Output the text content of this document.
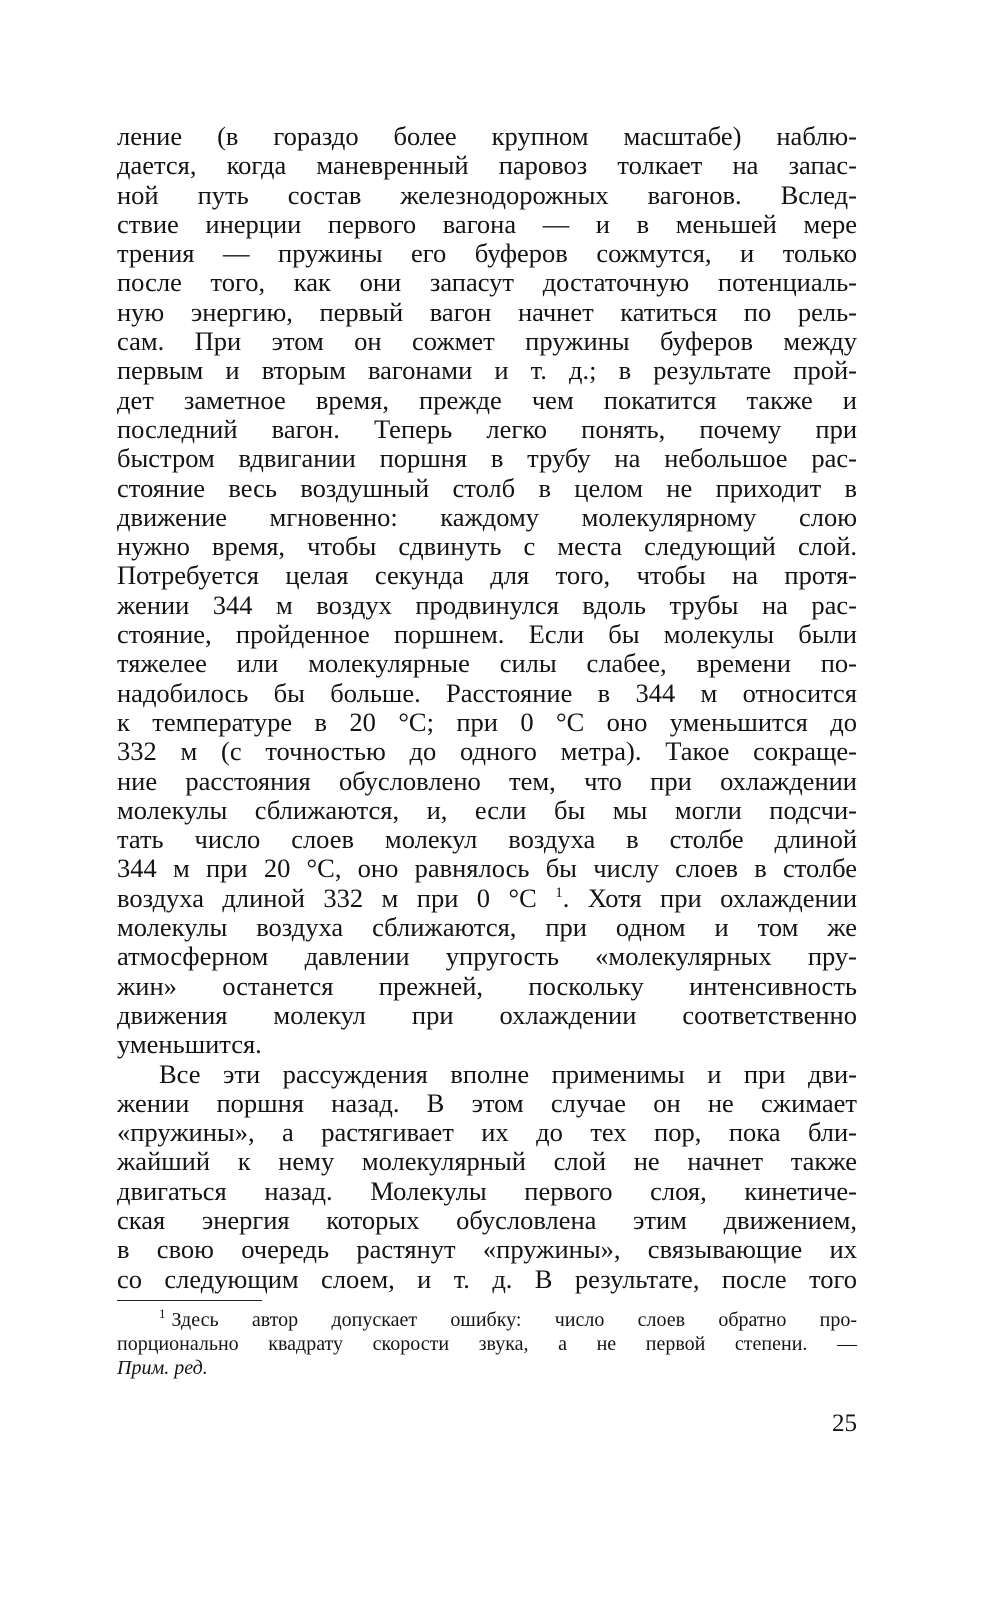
ление (в гораздо более крупном масштабе) наблю-
дается, когда маневренный паровоз толкает на запас-
ной путь состав железнодорожных вагонов. Вслед-
ствие инерции первого вагона — и в меньшей мере
трения — пружины его буферов сожмутся, и только
после того, как они запасут достаточную потенциаль-
ную энергию, первый вагон начнет катиться по рель-
сам. При этом он сожмет пружины буферов между
первым и вторым вагонами и т. д.; в результате прой-
дет заметное время, прежде чем покатится также и
последний вагон. Теперь легко понять, почему при
быстром вдвигании поршня в трубу на небольшое рас-
стояние весь воздушный столб в целом не приходит в
движение мгновенно: каждому молекулярному слою
нужно время, чтобы сдвинуть с места следующий слой.
Потребуется целая секунда для того, чтобы на протя-
жении 344 м воздух продвинулся вдоль трубы на рас-
стояние, пройденное поршнем. Если бы молекулы были
тяжелее или молекулярные силы слабее, времени по-
надобилось бы больше. Расстояние в 344 м относится
к температуре в 20 °С; при 0 °С оно уменьшится до
332 м (с точностью до одного метра). Такое сокраще-
ние расстояния обусловлено тем, что при охлаждении
молекулы сближаются, и, если бы мы могли подсчи-
тать число слоев молекул воздуха в столбе длиной
344 м при 20 °С, оно равнялось бы числу слоев в столбе
воздуха длиной 332 м при 0 °С $^1$. Хотя при охлаждении
молекулы воздуха сближаются, при одном и том же
атмосферном давлении упругость «молекулярных пру-
жин» останется прежней, поскольку интенсивность
движения молекул при охлаждении соответственно
уменьшится.
Все эти рассуждения вполне применимы и при дви-
жении поршня назад. В этом случае он не сжимает
«пружины», а растягивает их до тех пор, пока бли-
жайший к нему молекулярный слой не начнет также
двигаться назад. Молекулы первого слоя, кинетиче-
ская энергия которых обусловлена этим движением,
в свою очередь растянут «пружины», связывающие их
со следующим слоем, и т. д. В результате, после того
$^1$ Здесь автор допускает ошибку: число слоев обратно про-
порционально квадрату скорости звука, а не первой степени. —
Прим. ред.
25
